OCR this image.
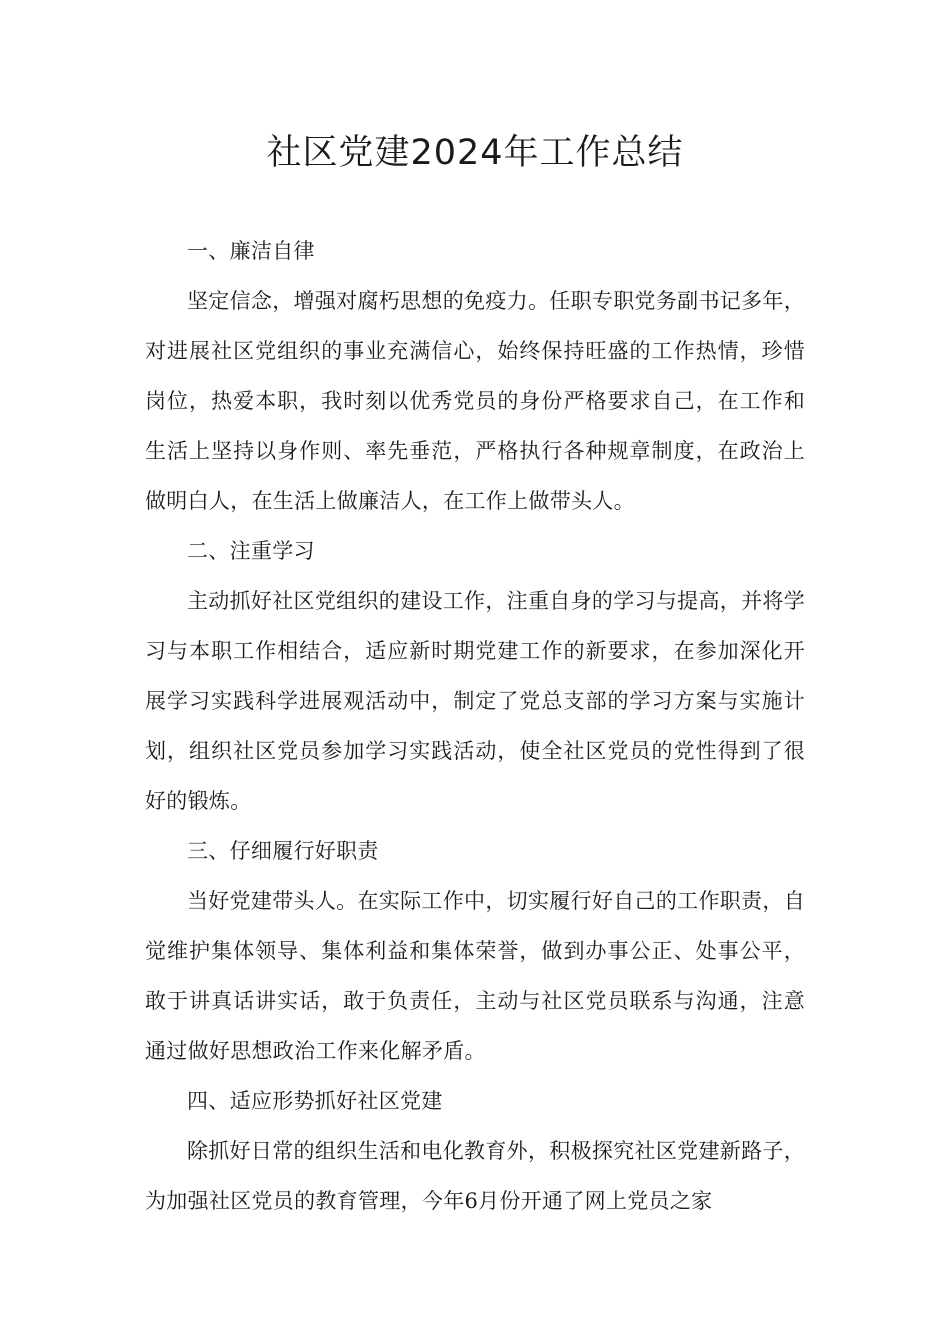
社区党建2024年工作总结

一、廉洁自律

坚定信念，增强对腐朽思想的免疫力。任职专职党务副书记多年，对进展社区党组织的事业充满信心，始终保持旺盛的工作热情，珍惜岗位，热爱本职，我时刻以优秀党员的身份严格要求自己，在工作和生活上坚持以身作则、率先垂范，严格执行各种规章制度，在政治上做明白人，在生活上做廉洁人，在工作上做带头人。

二、注重学习

主动抓好社区党组织的建设工作，注重自身的学习与提高，并将学习与本职工作相结合，适应新时期党建工作的新要求，在参加深化开展学习实践科学进展观活动中，制定了党总支部的学习方案与实施计划，组织社区党员参加学习实践活动，使全社区党员的党性得到了很好的锻炼。

三、仔细履行好职责

当好党建带头人。在实际工作中，切实履行好自己的工作职责，自觉维护集体领导、集体利益和集体荣誉，做到办事公正、处事公平，敢于讲真话讲实话，敢于负责任，主动与社区党员联系与沟通，注意通过做好思想政治工作来化解矛盾。

四、适应形势抓好社区党建

除抓好日常的组织生活和电化教育外，积极探究社区党建新路子，为加强社区党员的教育管理，今年6月份开通了网上党员之家
